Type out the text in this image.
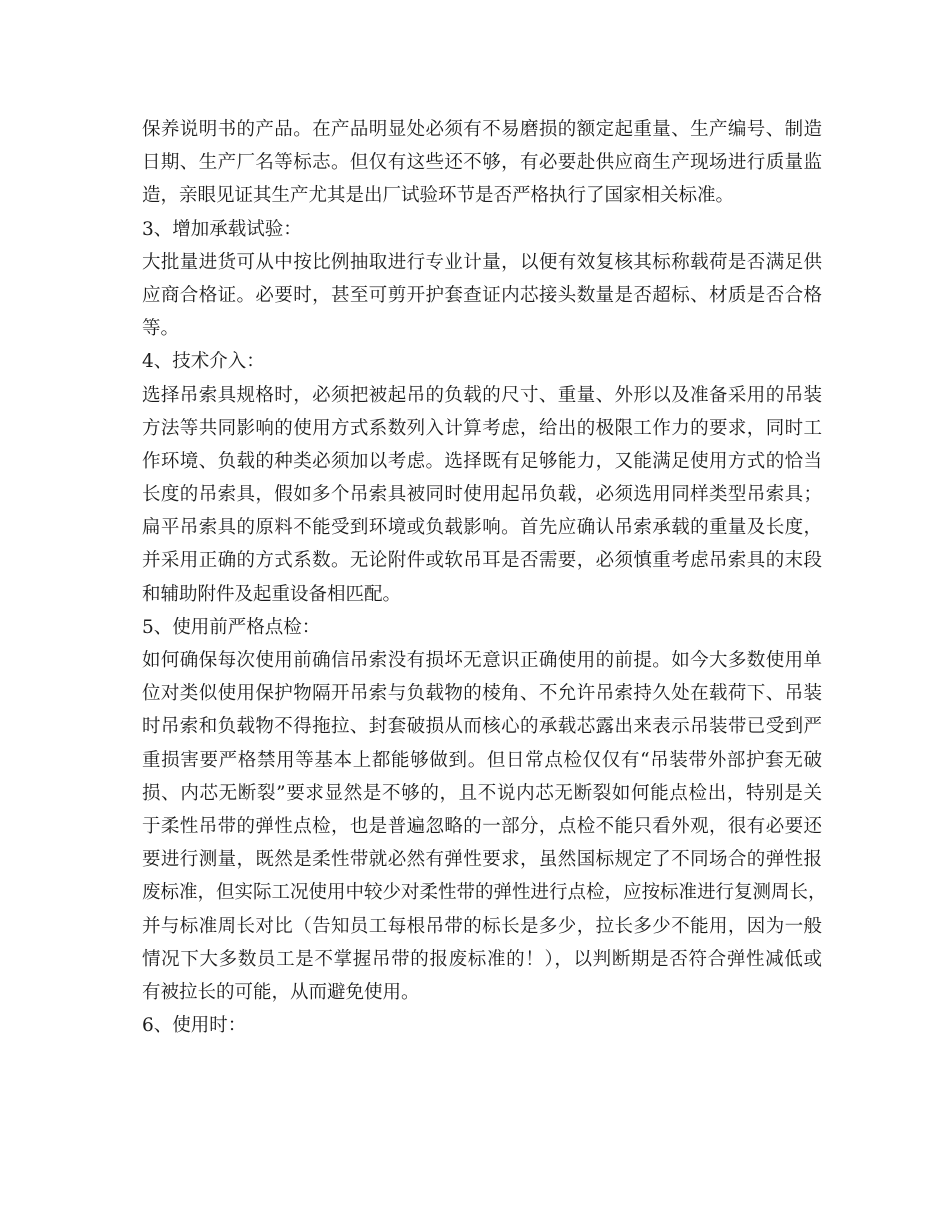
保养说明书的产品。在产品明显处必须有不易磨损的额定起重量、生产编号、制造
日期、生产厂名等标志。但仅有这些还不够，有必要赴供应商生产现场进行质量监
造，亲眼见证其生产尤其是出厂试验环节是否严格执行了国家相关标准。
3、增加承载试验：
大批量进货可从中按比例抽取进行专业计量，以便有效复核其标称载荷是否满足供
应商合格证。必要时，甚至可剪开护套查证内芯接头数量是否超标、材质是否合格
等。
4、技术介入：
选择吊索具规格时，必须把被起吊的负载的尺寸、重量、外形以及准备采用的吊装
方法等共同影响的使用方式系数列入计算考虑，给出的极限工作力的要求，同时工
作环境、负载的种类必须加以考虑。选择既有足够能力，又能满足使用方式的恰当
长度的吊索具，假如多个吊索具被同时使用起吊负载，必须选用同样类型吊索具；
扁平吊索具的原料不能受到环境或负载影响。首先应确认吊索承载的重量及长度，
并采用正确的方式系数。无论附件或软吊耳是否需要，必须慎重考虑吊索具的末段
和辅助附件及起重设备相匹配。
5、使用前严格点检：
如何确保每次使用前确信吊索没有损坏无意识正确使用的前提。如今大多数使用单
位对类似使用保护物隔开吊索与负载物的棱角、不允许吊索持久处在载荷下、吊装
时吊索和负载物不得拖拉、封套破损从而核心的承载芯露出来表示吊装带已受到严
重损害要严格禁用等基本上都能够做到。但日常点检仅仅有“吊装带外部护套无破
损、内芯无断裂”要求显然是不够的，且不说内芯无断裂如何能点检出，特别是关
于柔性吊带的弹性点检，也是普遍忽略的一部分，点检不能只看外观，很有必要还
要进行测量，既然是柔性带就必然有弹性要求，虽然国标规定了不同场合的弹性报
废标准，但实际工况使用中较少对柔性带的弹性进行点检，应按标准进行复测周长，
并与标准周长对比（告知员工每根吊带的标长是多少，拉长多少不能用，因为一般
情况下大多数员工是不掌握吊带的报废标准的！），以判断期是否符合弹性减低或
有被拉长的可能，从而避免使用。
6、使用时：
